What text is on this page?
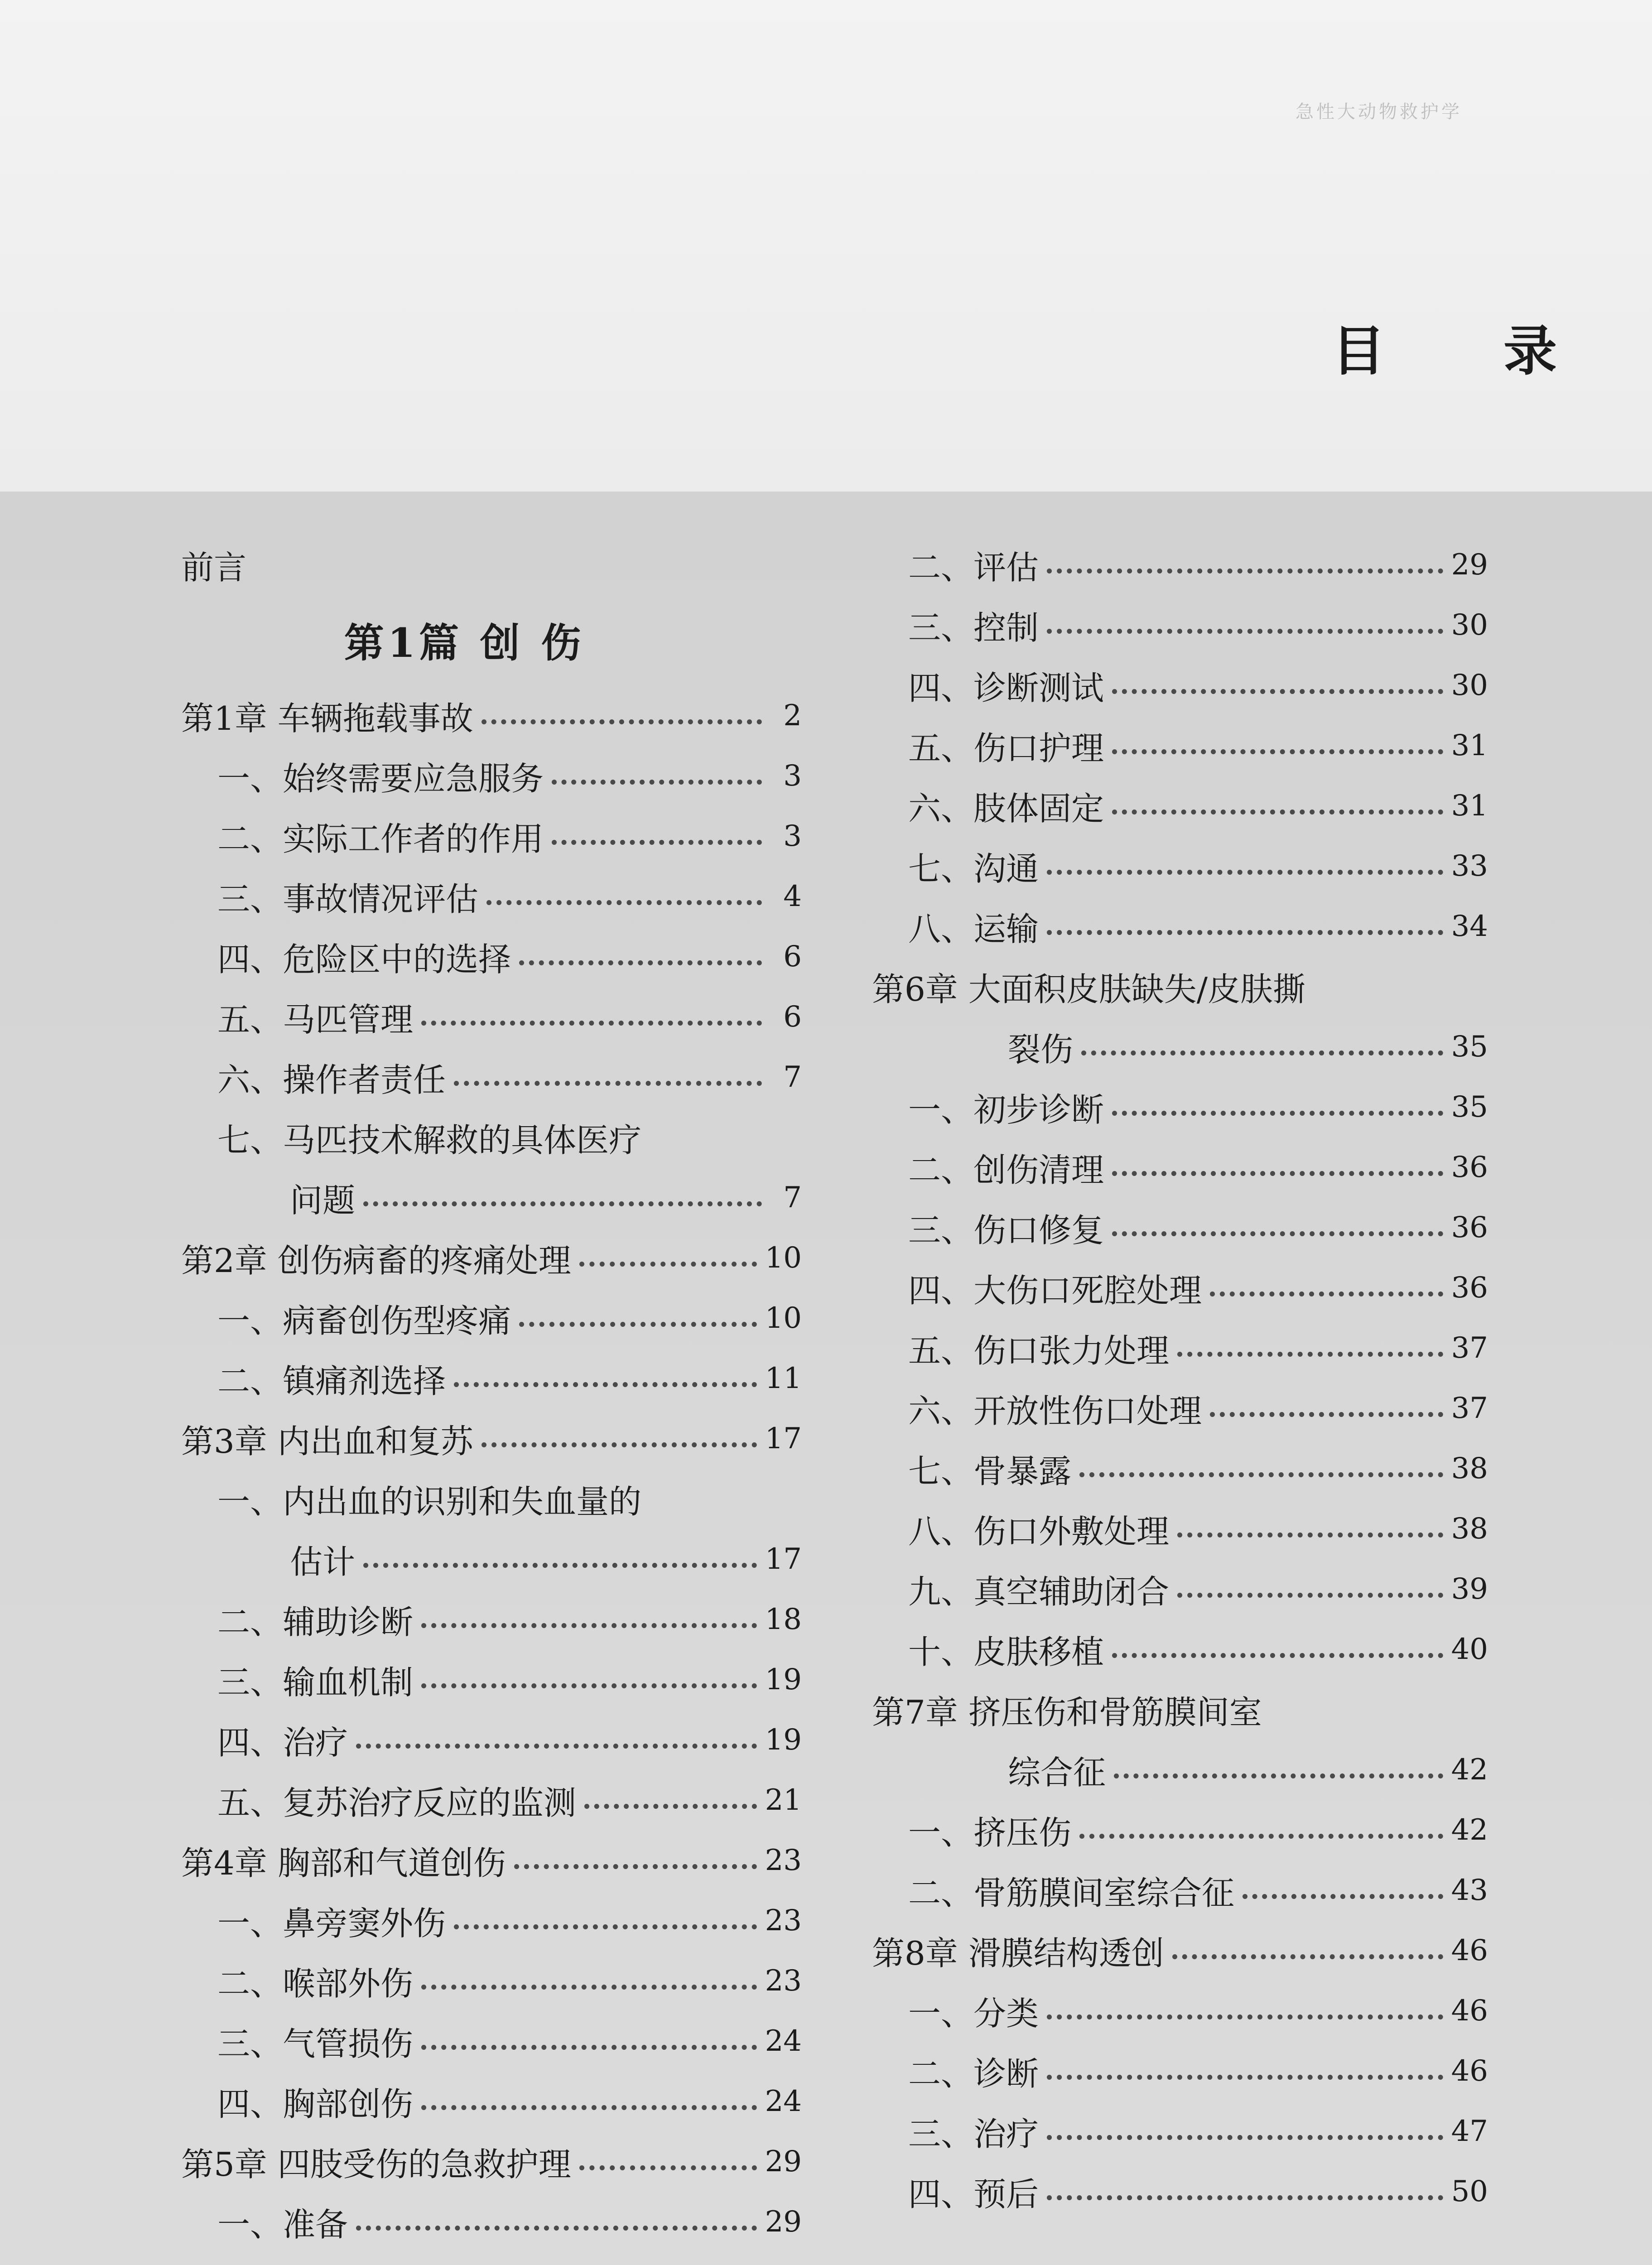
急性大动物救护学
目 录
前言
第1篇 创 伤
第1章 车辆拖载事故	2
一、始终需要应急服务	3
二、实际工作者的作用	3
三、事故情况评估	4
四、危险区中的选择	6
五、马匹管理	6
六、操作者责任	7
七、马匹技术解救的具体医疗
问题	7
第2章 创伤病畜的疼痛处理	10
一、病畜创伤型疼痛	10
二、镇痛剂选择	11
第3章 内出血和复苏	17
一、内出血的识别和失血量的
估计	17
二、辅助诊断	18
三、输血机制	19
四、治疗	19
五、复苏治疗反应的监测	21
第4章 胸部和气道创伤	23
一、鼻旁窦外伤	23
二、喉部外伤	23
三、气管损伤	24
四、胸部创伤	24
第5章 四肢受伤的急救护理	29
一、准备	29
二、评估	29
三、控制	30
四、诊断测试	30
五、伤口护理	31
六、肢体固定	31
七、沟通	33
八、运输	34
第6章 大面积皮肤缺失/皮肤撕
裂伤	35
一、初步诊断	35
二、创伤清理	36
三、伤口修复	36
四、大伤口死腔处理	36
五、伤口张力处理	37
六、开放性伤口处理	37
七、骨暴露	38
八、伤口外敷处理	38
九、真空辅助闭合	39
十、皮肤移植	40
第7章 挤压伤和骨筋膜间室
综合征	42
一、挤压伤	42
二、骨筋膜间室综合征	43
第8章 滑膜结构透创	46
一、分类	46
二、诊断	46
三、治疗	47
四、预后	50
